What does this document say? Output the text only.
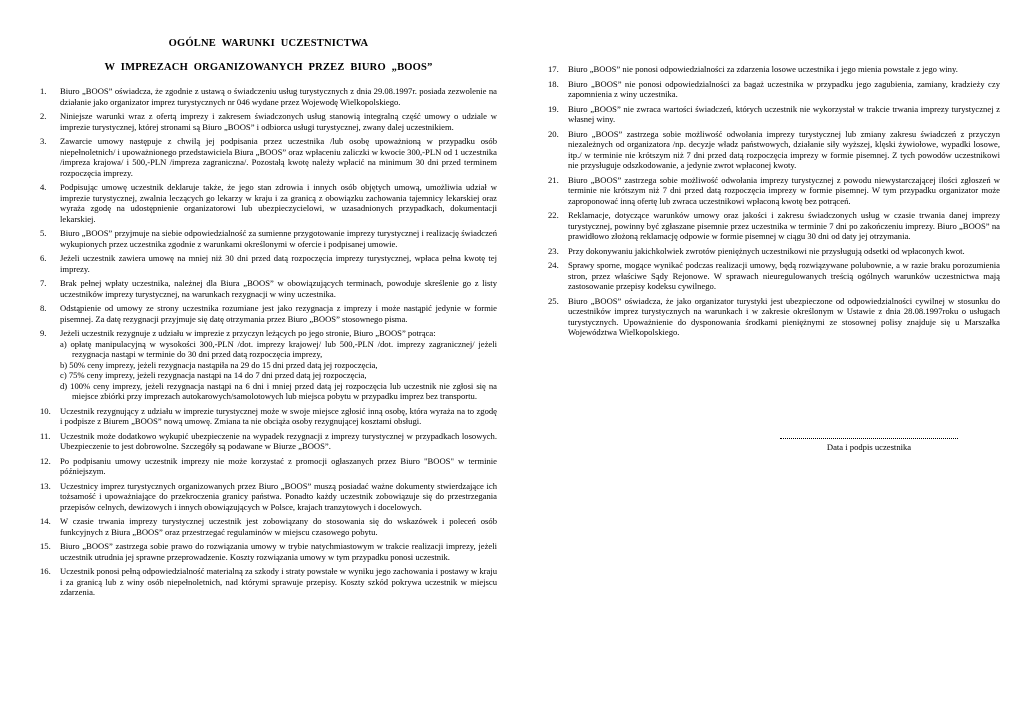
OGÓLNE WARUNKI UCZESTNICTWA
W IMPREZACH ORGANIZOWANYCH PRZEZ BIURO „BOOS”
1. Biuro „BOOS” oświadcza, że zgodnie z ustawą o świadczeniu usług turystycznych z dnia 29.08.1997r. posiada zezwolenie na działanie jako organizator imprez turystycznych nr 046 wydane przez Wojewodę Wielkopolskiego.
2. Niniejsze warunki wraz z ofertą imprezy i zakresem świadczonych usług stanowią integralną część umowy o udziale w imprezie turystycznej, której stronami są Biuro „BOOS” i odbiorca usługi turystycznej, zwany dalej uczestnikiem.
3. Zawarcie umowy następuje z chwilą jej podpisania przez uczestnika /lub osobę upoważnioną w przypadku osób niepełnoletnich/ i upoważnionego przedstawiciela Biura „BOOS” oraz wpłaceniu zaliczki w kwocie 300,-PLN od 1 uczestnika /impreza krajowa/ i 500,-PLN /impreza zagraniczna/. Pozostałą kwotę należy wpłacić na minimum 30 dni przed terminem rozpoczęcia imprezy.
4. Podpisując umowę uczestnik deklaruje także, że jego stan zdrowia i innych osób objętych umową, umożliwia udział w imprezie turystycznej, zwalnia leczących go lekarzy w kraju i za granicą z obowiązku zachowania tajemnicy lekarskiej oraz wyraża zgodę na udostępnienie organizatorowi lub ubezpieczycielowi, w uzasadnionych przypadkach, dokumentacji lekarskiej.
5. Biuro „BOOS” przyjmuje na siebie odpowiedzialność za sumienne przygotowanie imprezy turystycznej i realizację świadczeń wykupionych przez uczestnika zgodnie z warunkami określonymi w ofercie i podpisanej umowie.
6. Jeżeli uczestnik zawiera umowę na mniej niż 30 dni przed datą rozpoczęcia imprezy turystycznej, wpłaca pełna kwotę tej imprezy.
7. Brak pełnej wpłaty uczestnika, należnej dla Biura „BOOS” w obowiązujących terminach, powoduje skreślenie go z listy uczestników imprezy turystycznej, na warunkach rezygnacji w winy uczestnika.
8. Odstąpienie od umowy ze strony uczestnika rozumiane jest jako rezygnacja z imprezy i może nastąpić jedynie w formie pisemnej. Za datę rezygnacji przyjmuje się datę otrzymania przez Biuro „BOOS” stosownego pisma.
9. Jeżeli uczestnik rezygnuje z udziału w imprezie z przyczyn leżących po jego stronie, Biuro „BOOS” potrąca:
a) opłatę manipulacyjną w wysokości 300,-PLN /dot. imprezy krajowej/ lub 500,-PLN /dot. imprezy zagranicznej/ jeżeli rezygnacja nastąpi w terminie do 30 dni przed datą rozpoczęcia imprezy,
b) 50% ceny imprezy, jeżeli rezygnacja nastąpiła na 29 do 15 dni przed datą jej rozpoczęcia,
c) 75% ceny imprezy, jeżeli rezygnacja nastąpi na 14 do 7 dni przed datą jej rozpoczęcia,
d) 100% ceny imprezy, jeżeli rezygnacja nastąpi na 6 dni i mniej przed datą jej rozpoczęcia lub uczestnik nie zgłosi się na miejsce zbiórki przy imprezach autokarowych/samolotowych lub miejsca pobytu w przypadku imprez bez transportu.
10. Uczestnik rezygnujący z udziału w imprezie turystycznej może w swoje miejsce zgłosić inną osobę, która wyraża na to zgodę i podpisze z Biurem „BOOS” nową umowę. Zmiana ta nie obciąża osoby rezygnującej kosztami obsługi.
11. Uczestnik może dodatkowo wykupić ubezpieczenie na wypadek rezygnacji z imprezy turystycznej w przypadkach losowych. Ubezpieczenie to jest dobrowolne. Szczegóły są podawane w Biurze „BOOS”.
12. Po podpisaniu umowy uczestnik imprezy nie może korzystać z promocji ogłaszanych przez Biuro "BOOS" w terminie późniejszym.
13. Uczestnicy imprez turystycznych organizowanych przez Biuro „BOOS” muszą posiadać ważne dokumenty stwierdzające ich tożsamość i upoważniające do przekroczenia granicy państwa. Ponadto każdy uczestnik zobowiązuje się do przestrzegania przepisów celnych, dewizowych i innych obowiązujących w Polsce, krajach tranzytowych i docelowych.
14. W czasie trwania imprezy turystycznej uczestnik jest zobowiązany do stosowania się do wskazówek i poleceń osób funkcyjnych z Biura „BOOS” oraz przestrzegać regulaminów w miejscu czasowego pobytu.
15. Biuro „BOOS” zastrzega sobie prawo do rozwiązania umowy w trybie natychmiastowym w trakcie realizacji imprezy, jeżeli uczestnik utrudnia jej sprawne przeprowadzenie. Koszty rozwiązania umowy w tym przypadku ponosi uczestnik.
16. Uczestnik ponosi pełną odpowiedzialność materialną za szkody i straty powstałe w wyniku jego zachowania i postawy w kraju i za granicą lub z winy osób niepełnoletnich, nad którymi sprawuje przepisy. Koszty szkód pokrywa uczestnik w miejscu zdarzenia.
17. Biuro „BOOS” nie ponosi odpowiedzialności za zdarzenia losowe uczestnika i jego mienia powstałe z jego winy.
18. Biuro „BOOS” nie ponosi odpowiedzialności za bagaż uczestnika w przypadku jego zagubienia, zamiany, kradzieży czy zapomnienia z winy uczestnika.
19. Biuro „BOOS” nie zwraca wartości świadczeń, których uczestnik nie wykorzystał w trakcie trwania imprezy turystycznej z własnej winy.
20. Biuro „BOOS” zastrzega sobie możliwość odwołania imprezy turystycznej lub zmiany zakresu świadczeń z przyczyn niezależnych od organizatora /np. decyzje władz państwowych, działanie siły wyższej, klęski żywiołowe, wypadki losowe, itp./ w terminie nie krótszym niż 7 dni przed datą rozpoczęcia imprezy w formie pisemnej. Z tych powodów uczestnikowi nie przysługuje odszkodowanie, a jedynie zwrot wpłaconej kwoty.
21. Biuro „BOOS” zastrzega sobie możliwość odwołania imprezy turystycznej z powodu niewystarczającej ilości zgłoszeń w terminie nie krótszym niż 7 dni przed datą rozpoczęcia imprezy w formie pisemnej. W tym przypadku organizator może zaproponować inną ofertę lub zwraca uczestnikowi wpłaconą kwotę bez potrąceń.
22. Reklamacje, dotyczące warunków umowy oraz jakości i zakresu świadczonych usług w czasie trwania danej imprezy turystycznej, powinny być zgłaszane pisemnie przez uczestnika w terminie 7 dni po zakończeniu imprezy. Biuro „BOOS” na prawidłowo złożoną reklamację odpowie w formie pisemnej w ciągu 30 dni od daty jej otrzymania.
23. Przy dokonywaniu jakichkolwiek zwrotów pieniężnych uczestnikowi nie przysługują odsetki od wpłaconych kwot.
24. Sprawy sporne, mogące wynikać podczas realizacji umowy, będą rozwiązywane polubownie, a w razie braku porozumienia stron, przez właściwe Sądy Rejonowe. W sprawach nieuregulowanych treścią ogólnych warunków uczestnictwa mają zastosowanie przepisy kodeksu cywilnego.
25. Biuro „BOOS” oświadcza, że jako organizator turystyki jest ubezpieczone od odpowiedzialności cywilnej w stosunku do uczestników imprez turystycznych na warunkach i w zakresie określonym w Ustawie z dnia 28.08.1997roku o usługach turystycznych. Upoważnienie do dysponowania środkami pieniężnymi ze stosownej polisy znajduje się u Marszałka Województwa Wielkopolskiego.
Data i podpis uczestnika
